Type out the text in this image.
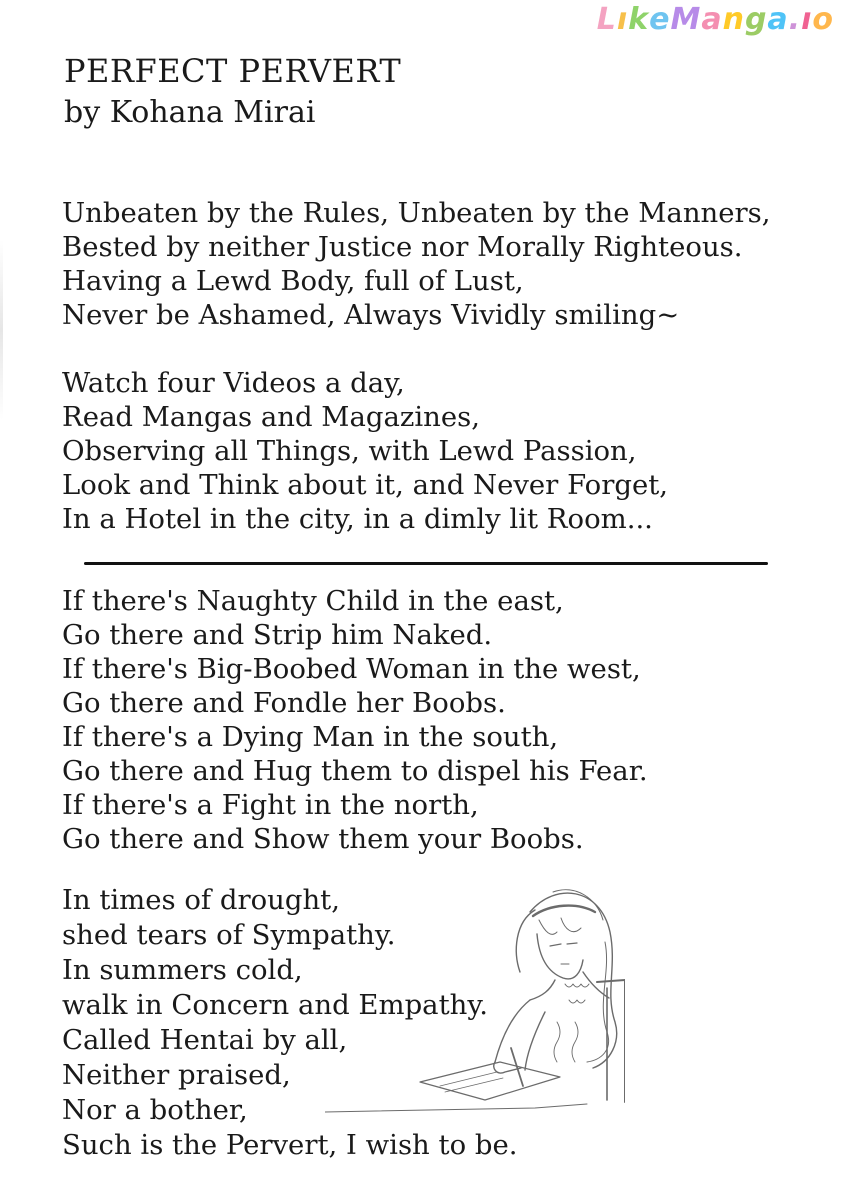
LıkeManga.ıo
PERFECT PERVERT

by Kohana Mirai

Unbeaten by the Rules, Unbeaten by the Manners,
Bested by neither Justice nor Morally Righteous.
Having a Lewd Body, full of Lust,
Never be Ashamed, Always Vividly smiling~
Watch four Videos a day,
Read Mangas and Magazines,
Observing all Things, with Lewd Passion,
Look and Think about it, and Never Forget,
In a Hotel in the city, in a dimly lit Room...
If there's Naughty Child in the east,
Go there and Strip him Naked.
If there's Big-Boobed Woman in the west,
Go there and Fondle her Boobs.
If there's a Dying Man in the south,
Go there and Hug them to dispel his Fear.
If there's a Fight in the north,
Go there and Show them your Boobs.
In times of drought,
shed tears of Sympathy.
In summers cold,
walk in Concern and Empathy.
Called Hentai by all,
Neither praised,
Nor a bother,
Such is the Pervert, I wish to be.
